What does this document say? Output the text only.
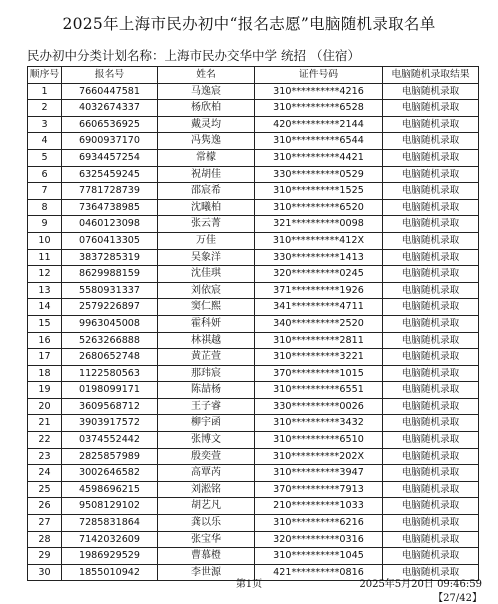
2025年上海市民办初中“报名志愿”电脑随机录取名单
民办初中分类计划名称：上海市民办交华中学 统招 （住宿）
顺序号	报名号	姓名	证件号码	电脑随机录取结果
1	7660447581	马逸宸	310**********4216	电脑随机录取
2	4032674337	杨欣柏	310**********6528	电脑随机录取
3	6606536925	戴灵均	420**********2144	电脑随机录取
4	6900937170	冯隽逸	310**********6544	电脑随机录取
5	6934457254	常檬	310**********4421	电脑随机录取
6	6325459245	祝胡佳	330**********0529	电脑随机录取
7	7781728739	邵宸希	310**********1525	电脑随机录取
8	7364738985	沈曦柏	310**********6520	电脑随机录取
9	0460123098	张云菁	321**********0098	电脑随机录取
10	0760413305	万佳	310**********412X	电脑随机录取
11	3837285319	吴象洋	330**********1413	电脑随机录取
12	8629988159	沈佳琪	320**********0245	电脑随机录取
13	5580931337	刘依宸	371**********1926	电脑随机录取
14	2579226897	窦仁熙	341**********4711	电脑随机录取
15	9963045008	霍科妍	340**********2520	电脑随机录取
16	5263266888	林祺越	310**********2811	电脑随机录取
17	2680652748	黄芷萱	310**********3221	电脑随机录取
18	1122580563	那玮宸	370**********1015	电脑随机录取
19	0198099171	陈喆杨	310**********6551	电脑随机录取
20	3609568712	王子睿	330**********0026	电脑随机录取
21	3903917572	柳宇函	310**********3432	电脑随机录取
22	0374552442	张博文	310**********6510	电脑随机录取
23	2825857989	殷奕萱	310**********202X	电脑随机录取
24	3002646582	高覃芮	310**********3947	电脑随机录取
25	4598696215	刘淞铭	370**********7913	电脑随机录取
26	9508129102	胡艺凡	210**********1033	电脑随机录取
27	7285831864	龚以乐	310**********6216	电脑随机录取
28	7142032609	张宝华	320**********0316	电脑随机录取
29	1986929529	曹慕橙	310**********1045	电脑随机录取
30	1855010942	李世源	421**********0816	电脑随机录取
第1页	2025年5月20日 09:46:59
【27/42】
